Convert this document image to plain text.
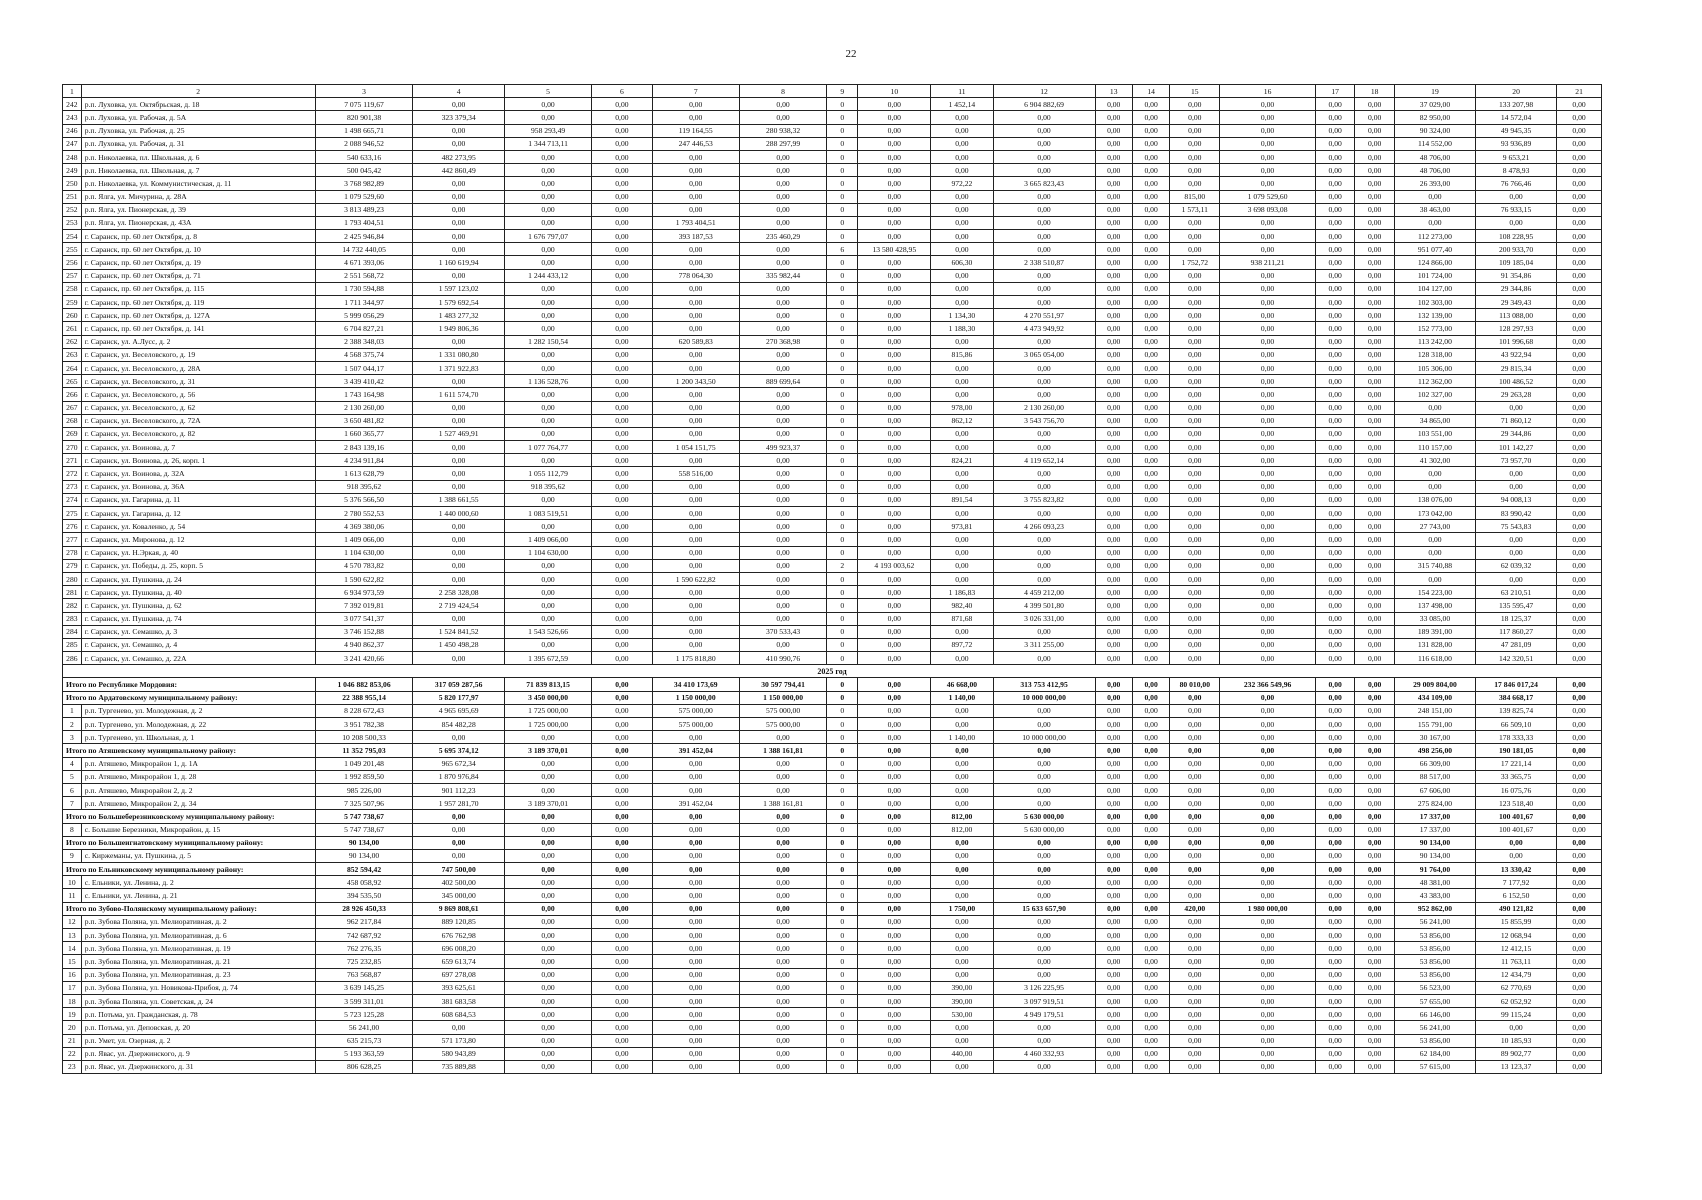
22
1	2	3	4	5	6	7	8	9	10	11	12	13	14	15	16	17	18	19	20	21
242	р.п. Луховка, ул. Октябрьская, д. 18	7 075 119,67	0,00	0,00	0,00	0,00	0,00	0	0,00	1 452,14	6 904 882,69	0,00	0,00	0,00	0,00	0,00	0,00	37 029,00	133 207,98	0,00
243	р.п. Луховка, ул. Рабочая, д. 5А	820 901,38	323 379,34	0,00	0,00	0,00	0,00	0	0,00	0,00	0,00	0,00	0,00	0,00	0,00	0,00	0,00	82 950,00	14 572,04	0,00
246	р.п. Луховка, ул. Рабочая, д. 25	1 498 665,71	0,00	958 293,49	0,00	119 164,55	280 938,32	0	0,00	0,00	0,00	0,00	0,00	0,00	0,00	0,00	0,00	90 324,00	49 945,35	0,00
247	р.п. Луховка, ул. Рабочая, д. 31	2 088 946,52	0,00	1 344 713,11	0,00	247 446,53	288 297,99	0	0,00	0,00	0,00	0,00	0,00	0,00	0,00	0,00	0,00	114 552,00	93 936,89	0,00
248	р.п. Николаевка, пл. Школьная, д. 6	540 633,16	482 273,95	0,00	0,00	0,00	0,00	0	0,00	0,00	0,00	0,00	0,00	0,00	0,00	0,00	0,00	48 706,00	9 653,21	0,00
249	р.п. Николаевка, пл. Школьная, д. 7	500 045,42	442 860,49	0,00	0,00	0,00	0,00	0	0,00	0,00	0,00	0,00	0,00	0,00	0,00	0,00	0,00	48 706,00	8 478,93	0,00
250	р.п. Николаевка, ул. Коммунистическая, д. 11	3 768 982,89	0,00	0,00	0,00	0,00	0,00	0	0,00	972,22	3 665 823,43	0,00	0,00	0,00	0,00	0,00	0,00	26 393,00	76 766,46	0,00
251	р.п. Ялга, ул. Мичурина, д. 28А	1 079 529,60	0,00	0,00	0,00	0,00	0,00	0	0,00	0,00	0,00	0,00	0,00	815,00	1 079 529,60	0,00	0,00	0,00	0,00	0,00
252	р.п. Ялга, ул. Пионерская, д. 39	3 813 489,23	0,00	0,00	0,00	0,00	0,00	0	0,00	0,00	0,00	0,00	0,00	1 573,11	3 698 093,08	0,00	0,00	38 463,00	76 933,15	0,00
253	р.п. Ялга, ул. Пионерская, д. 43А	1 793 404,51	0,00	0,00	0,00	1 793 404,51	0,00	0	0,00	0,00	0,00	0,00	0,00	0,00	0,00	0,00	0,00	0,00	0,00	0,00
254	г. Саранск, пр. 60 лет Октября, д. 8	2 425 946,84	0,00	1 676 797,07	0,00	393 187,53	235 460,29	0	0,00	0,00	0,00	0,00	0,00	0,00	0,00	0,00	0,00	112 273,00	108 228,95	0,00
255	г. Саранск, пр. 60 лет Октября, д. 10	14 732 440,05	0,00	0,00	0,00	0,00	0,00	6	13 580 428,95	0,00	0,00	0,00	0,00	0,00	0,00	0,00	0,00	951 077,40	200 933,70	0,00
256	г. Саранск, пр. 60 лет Октября, д. 19	4 671 393,06	1 160 619,94	0,00	0,00	0,00	0,00	0	0,00	606,30	2 338 510,87	0,00	0,00	1 752,72	938 211,21	0,00	0,00	124 866,00	109 185,04	0,00
257	г. Саранск, пр. 60 лет Октября, д. 71	2 551 568,72	0,00	1 244 433,12	0,00	778 064,30	335 982,44	0	0,00	0,00	0,00	0,00	0,00	0,00	0,00	0,00	0,00	101 724,00	91 354,86	0,00
258	г. Саранск, пр. 60 лет Октября, д. 115	1 730 594,88	1 597 123,02	0,00	0,00	0,00	0,00	0	0,00	0,00	0,00	0,00	0,00	0,00	0,00	0,00	0,00	104 127,00	29 344,86	0,00
259	г. Саранск, пр. 60 лет Октября, д. 119	1 711 344,97	1 579 692,54	0,00	0,00	0,00	0,00	0	0,00	0,00	0,00	0,00	0,00	0,00	0,00	0,00	0,00	102 303,00	29 349,43	0,00
260	г. Саранск, пр. 60 лет Октября, д. 127А	5 999 056,29	1 483 277,32	0,00	0,00	0,00	0,00	0	0,00	1 134,30	4 270 551,97	0,00	0,00	0,00	0,00	0,00	0,00	132 139,00	113 088,00	0,00
261	г. Саранск, пр. 60 лет Октября, д. 141	6 704 827,21	1 949 806,36	0,00	0,00	0,00	0,00	0	0,00	1 188,30	4 473 949,92	0,00	0,00	0,00	0,00	0,00	0,00	152 773,00	128 297,93	0,00
262	г. Саранск, ул. А.Лусс, д. 2	2 388 348,03	0,00	1 282 150,54	0,00	620 589,83	270 368,98	0	0,00	0,00	0,00	0,00	0,00	0,00	0,00	0,00	0,00	113 242,00	101 996,68	0,00
263	г. Саранск, ул. Веселовского, д. 19	4 568 375,74	1 331 080,80	0,00	0,00	0,00	0,00	0	0,00	815,86	3 065 054,00	0,00	0,00	0,00	0,00	0,00	0,00	128 318,00	43 922,94	0,00
264	г. Саранск, ул. Веселовского, д. 28А	1 507 044,17	1 371 922,83	0,00	0,00	0,00	0,00	0	0,00	0,00	0,00	0,00	0,00	0,00	0,00	0,00	0,00	105 306,00	29 815,34	0,00
265	г. Саранск, ул. Веселовского, д. 31	3 439 410,42	0,00	1 136 528,76	0,00	1 200 343,50	889 699,64	0	0,00	0,00	0,00	0,00	0,00	0,00	0,00	0,00	0,00	112 362,00	100 486,52	0,00
266	г. Саранск, ул. Веселовского, д. 56	1 743 164,98	1 611 574,70	0,00	0,00	0,00	0,00	0	0,00	0,00	0,00	0,00	0,00	0,00	0,00	0,00	0,00	102 327,00	29 263,28	0,00
267	г. Саранск, ул. Веселовского, д. 62	2 130 260,00	0,00	0,00	0,00	0,00	0,00	0	0,00	978,00	2 130 260,00	0,00	0,00	0,00	0,00	0,00	0,00	0,00	0,00	0,00
268	г. Саранск, ул. Веселовского, д. 72А	3 650 481,82	0,00	0,00	0,00	0,00	0,00	0	0,00	862,12	3 543 756,70	0,00	0,00	0,00	0,00	0,00	0,00	34 865,00	71 860,12	0,00
269	г. Саранск, ул. Веселовского, д. 82	1 660 365,77	1 527 469,91	0,00	0,00	0,00	0,00	0	0,00	0,00	0,00	0,00	0,00	0,00	0,00	0,00	0,00	103 551,00	29 344,86	0,00
270	г. Саранск, ул. Воинова, д. 7	2 843 139,16	0,00	1 077 764,77	0,00	1 054 151,75	499 923,37	0	0,00	0,00	0,00	0,00	0,00	0,00	0,00	0,00	0,00	110 157,00	101 142,27	0,00
271	г. Саранск, ул. Воинова, д. 26, корп. 1	4 234 911,84	0,00	0,00	0,00	0,00	0,00	0	0,00	824,21	4 119 652,14	0,00	0,00	0,00	0,00	0,00	0,00	41 302,00	73 957,70	0,00
272	г. Саранск, ул. Воинова, д. 32А	1 613 628,79	0,00	1 055 112,79	0,00	558 516,00	0,00	0	0,00	0,00	0,00	0,00	0,00	0,00	0,00	0,00	0,00	0,00	0,00	0,00
273	г. Саранск, ул. Воинова, д. 36А	918 395,62	0,00	918 395,62	0,00	0,00	0,00	0	0,00	0,00	0,00	0,00	0,00	0,00	0,00	0,00	0,00	0,00	0,00	0,00
274	г. Саранск, ул. Гагарина, д. 11	5 376 566,50	1 388 661,55	0,00	0,00	0,00	0,00	0	0,00	891,54	3 755 823,82	0,00	0,00	0,00	0,00	0,00	0,00	138 076,00	94 008,13	0,00
275	г. Саранск, ул. Гагарина, д. 12	2 780 552,53	1 440 000,60	1 083 519,51	0,00	0,00	0,00	0	0,00	0,00	0,00	0,00	0,00	0,00	0,00	0,00	0,00	173 042,00	83 990,42	0,00
276	г. Саранск, ул. Коваленко, д. 54	4 369 380,06	0,00	0,00	0,00	0,00	0,00	0	0,00	973,81	4 266 093,23	0,00	0,00	0,00	0,00	0,00	0,00	27 743,00	75 543,83	0,00
277	г. Саранск, ул. Миронова, д. 12	1 409 066,00	0,00	1 409 066,00	0,00	0,00	0,00	0	0,00	0,00	0,00	0,00	0,00	0,00	0,00	0,00	0,00	0,00	0,00	0,00
278	г. Саранск, ул. Н.Эркая, д. 40	1 104 630,00	0,00	1 104 630,00	0,00	0,00	0,00	0	0,00	0,00	0,00	0,00	0,00	0,00	0,00	0,00	0,00	0,00	0,00	0,00
279	г. Саранск, ул. Победы, д. 25, корп. 5	4 570 783,82	0,00	0,00	0,00	0,00	0,00	2	4 193 003,62	0,00	0,00	0,00	0,00	0,00	0,00	0,00	0,00	315 740,88	62 039,32	0,00
280	г. Саранск, ул. Пушкина, д. 24	1 590 622,82	0,00	0,00	0,00	1 590 622,82	0,00	0	0,00	0,00	0,00	0,00	0,00	0,00	0,00	0,00	0,00	0,00	0,00	0,00
281	г. Саранск, ул. Пушкина, д. 40	6 934 973,59	2 258 328,08	0,00	0,00	0,00	0,00	0	0,00	1 186,83	4 459 212,00	0,00	0,00	0,00	0,00	0,00	0,00	154 223,00	63 210,51	0,00
282	г. Саранск, ул. Пушкина, д. 62	7 392 019,81	2 719 424,54	0,00	0,00	0,00	0,00	0	0,00	982,40	4 399 501,80	0,00	0,00	0,00	0,00	0,00	0,00	137 498,00	135 595,47	0,00
283	г. Саранск, ул. Пушкина, д. 74	3 077 541,37	0,00	0,00	0,00	0,00	0,00	0	0,00	871,68	3 026 331,00	0,00	0,00	0,00	0,00	0,00	0,00	33 085,00	18 125,37	0,00
284	г. Саранск, ул. Семашко, д. 3	3 746 152,88	1 524 841,52	1 543 526,66	0,00	0,00	370 533,43	0	0,00	0,00	0,00	0,00	0,00	0,00	0,00	0,00	0,00	189 391,00	117 860,27	0,00
285	г. Саранск, ул. Семашко, д. 4	4 940 862,37	1 450 498,28	0,00	0,00	0,00	0,00	0	0,00	897,72	3 311 255,00	0,00	0,00	0,00	0,00	0,00	0,00	131 828,00	47 281,09	0,00
286	г. Саранск, ул. Семашко, д. 22А	3 241 420,66	0,00	1 395 672,59	0,00	1 175 818,80	410 990,76	0	0,00	0,00	0,00	0,00	0,00	0,00	0,00	0,00	0,00	116 618,00	142 320,51	0,00
2025 год																				
Итого по Республике Мордовия:		1 046 882 853,06	317 059 287,56	71 839 813,15	0,00	34 410 173,69	30 597 794,41	0	0,00	46 668,00	313 753 412,95	0,00	0,00	80 010,00	232 366 549,96	0,00	0,00	29 009 804,00	17 846 017,24	0,00
Итого по Ардатовскому муниципальному району:		22 388 955,14	5 820 177,97	3 450 000,00	0,00	1 150 000,00	1 150 000,00	0	0,00	1 140,00	10 000 000,00	0,00	0,00	0,00	0,00	0,00	0,00	434 109,00	384 668,17	0,00
1	р.п. Тургенево, ул. Молодежная, д. 2	8 228 672,43	4 965 695,69	1 725 000,00	0,00	575 000,00	575 000,00	0	0,00	0,00	0,00	0,00	0,00	0,00	0,00	0,00	0,00	248 151,00	139 825,74	0,00
2	р.п. Тургенево, ул. Молодежная, д. 22	3 951 782,38	854 482,28	1 725 000,00	0,00	575 000,00	575 000,00	0	0,00	0,00	0,00	0,00	0,00	0,00	0,00	0,00	0,00	155 791,00	66 509,10	0,00
3	р.п. Тургенево, ул. Школьная, д. 1	10 208 500,33	0,00	0,00	0,00	0,00	0,00	0	0,00	1 140,00	10 000 000,00	0,00	0,00	0,00	0,00	0,00	0,00	30 167,00	178 333,33	0,00
Итого по Атяшевскому муниципальному району:		11 352 795,03	5 695 374,12	3 189 370,01	0,00	391 452,04	1 388 161,81	0	0,00	0,00	0,00	0,00	0,00	0,00	0,00	0,00	0,00	498 256,00	190 181,05	0,00
4	р.п. Атяшево, Микрорайон 1, д. 1А	1 049 201,48	965 672,34	0,00	0,00	0,00	0,00	0	0,00	0,00	0,00	0,00	0,00	0,00	0,00	0,00	0,00	66 309,00	17 221,14	0,00
5	р.п. Атяшево, Микрорайон 1, д. 28	1 992 859,50	1 870 976,84	0,00	0,00	0,00	0,00	0	0,00	0,00	0,00	0,00	0,00	0,00	0,00	0,00	0,00	88 517,00	33 365,75	0,00
6	р.п. Атяшево, Микрорайон 2, д. 2	985 226,00	901 112,23	0,00	0,00	0,00	0,00	0	0,00	0,00	0,00	0,00	0,00	0,00	0,00	0,00	0,00	67 606,00	16 075,76	0,00
7	р.п. Атяшево, Микрорайон 2, д. 34	7 325 507,96	1 957 281,70	3 189 370,01	0,00	391 452,04	1 388 161,81	0	0,00	0,00	0,00	0,00	0,00	0,00	0,00	0,00	0,00	275 824,00	123 518,40	0,00
Итого по Большеберезниковскому муниципальному району:		5 747 738,67	0,00	0,00	0,00	0,00	0,00	0	0,00	812,00	5 630 000,00	0,00	0,00	0,00	0,00	0,00	0,00	17 337,00	100 401,67	0,00
8	с. Большие Березники, Микрорайон, д. 15	5 747 738,67	0,00	0,00	0,00	0,00	0,00	0	0,00	812,00	5 630 000,00	0,00	0,00	0,00	0,00	0,00	0,00	17 337,00	100 401,67	0,00
Итого по Большеигнатовскому муниципальному району:		90 134,00	0,00	0,00	0,00	0,00	0,00	0	0,00	0,00	0,00	0,00	0,00	0,00	0,00	0,00	0,00	90 134,00	0,00	0,00
9	с. Киржеманы, ул. Пушкина, д. 5	90 134,00	0,00	0,00	0,00	0,00	0,00	0	0,00	0,00	0,00	0,00	0,00	0,00	0,00	0,00	0,00	90 134,00	0,00	0,00
Итого по Ельниковскому муниципальному району:		852 594,42	747 500,00	0,00	0,00	0,00	0,00	0	0,00	0,00	0,00	0,00	0,00	0,00	0,00	0,00	0,00	91 764,00	13 330,42	0,00
10	с. Ельники, ул. Ленина, д. 2	458 058,92	402 500,00	0,00	0,00	0,00	0,00	0	0,00	0,00	0,00	0,00	0,00	0,00	0,00	0,00	0,00	48 381,00	7 177,92	0,00
11	с. Ельники, ул. Ленина, д. 21	394 535,50	345 000,00	0,00	0,00	0,00	0,00	0	0,00	0,00	0,00	0,00	0,00	0,00	0,00	0,00	0,00	43 383,00	6 152,50	0,00
Итого по Зубово-Полянскому муниципальному району:		28 926 450,33	9 869 808,61	0,00	0,00	0,00	0,00	0	0,00	1 750,00	15 633 657,90	0,00	0,00	420,00	1 980 000,00	0,00	0,00	952 862,00	490 121,82	0,00
12	р.п. Зубова Поляна, ул. Мелиоративная, д. 2	962 217,84	889 120,85	0,00	0,00	0,00	0,00	0	0,00	0,00	0,00	0,00	0,00	0,00	0,00	0,00	0,00	56 241,00	15 855,99	0,00
13	р.п. Зубова Поляна, ул. Мелиоративная, д. 6	742 687,92	676 762,98	0,00	0,00	0,00	0,00	0	0,00	0,00	0,00	0,00	0,00	0,00	0,00	0,00	0,00	53 856,00	12 068,94	0,00
14	р.п. Зубова Поляна, ул. Мелиоративная, д. 19	762 276,35	696 008,20	0,00	0,00	0,00	0,00	0	0,00	0,00	0,00	0,00	0,00	0,00	0,00	0,00	0,00	53 856,00	12 412,15	0,00
15	р.п. Зубова Поляна, ул. Мелиоративная, д. 21	725 232,85	659 613,74	0,00	0,00	0,00	0,00	0	0,00	0,00	0,00	0,00	0,00	0,00	0,00	0,00	0,00	53 856,00	11 763,11	0,00
16	р.п. Зубова Поляна, ул. Мелиоративная, д. 23	763 568,87	697 278,08	0,00	0,00	0,00	0,00	0	0,00	0,00	0,00	0,00	0,00	0,00	0,00	0,00	0,00	53 856,00	12 434,79	0,00
17	р.п. Зубова Поляна, ул. Новикова-Прибоя, д. 74	3 639 145,25	393 625,61	0,00	0,00	0,00	0,00	0	0,00	390,00	3 126 225,95	0,00	0,00	0,00	0,00	0,00	0,00	56 523,00	62 770,69	0,00
18	р.п. Зубова Поляна, ул. Советская, д. 24	3 599 311,01	381 683,58	0,00	0,00	0,00	0,00	0	0,00	390,00	3 097 919,51	0,00	0,00	0,00	0,00	0,00	0,00	57 655,00	62 052,92	0,00
19	р.п. Потьма, ул. Гражданская, д. 78	5 723 125,28	608 684,53	0,00	0,00	0,00	0,00	0	0,00	530,00	4 949 179,51	0,00	0,00	0,00	0,00	0,00	0,00	66 146,00	99 115,24	0,00
20	р.п. Потьма, ул. Деповская, д. 20	56 241,00	0,00	0,00	0,00	0,00	0,00	0	0,00	0,00	0,00	0,00	0,00	0,00	0,00	0,00	0,00	56 241,00	0,00	0,00
21	р.п. Умет, ул. Озерная, д. 2	635 215,73	571 173,80	0,00	0,00	0,00	0,00	0	0,00	0,00	0,00	0,00	0,00	0,00	0,00	0,00	0,00	53 856,00	10 185,93	0,00
22	р.п. Явас, ул. Дзержинского, д. 9	5 193 363,59	580 943,89	0,00	0,00	0,00	0,00	0	0,00	440,00	4 460 332,93	0,00	0,00	0,00	0,00	0,00	0,00	62 184,00	89 902,77	0,00
23	р.п. Явас, ул. Дзержинского, д. 31	806 628,25	735 889,88	0,00	0,00	0,00	0,00	0	0,00	0,00	0,00	0,00	0,00	0,00	0,00	0,00	0,00	57 615,00	13 123,37	0,00
